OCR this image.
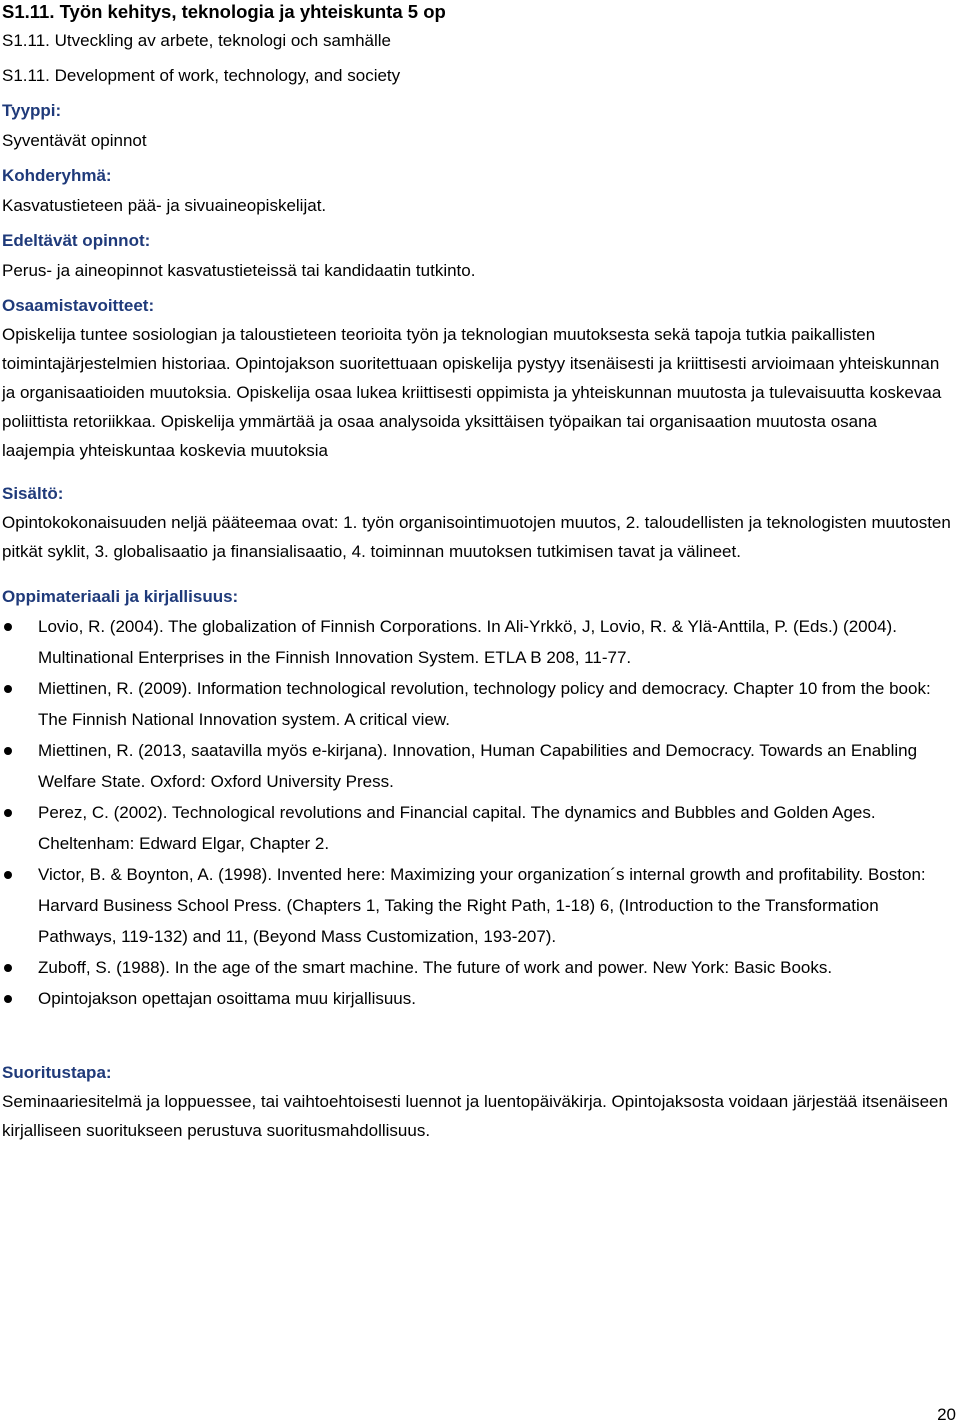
S1.11. Työn kehitys, teknologia ja yhteiskunta 5 op

S1.11. Utveckling av arbete, teknologi och samhälle

S1.11. Development of work, technology, and society

Tyyppi:

Syventävät opinnot

Kohderyhmä:

Kasvatustieteen pää- ja sivuaineopiskelijat.

Edeltävät opinnot:

Perus- ja aineopinnot kasvatustieteissä tai kandidaatin tutkinto.

Osaamistavoitteet:

Opiskelija tuntee sosiologian ja taloustieteen teorioita työn ja teknologian muutoksesta sekä tapoja tutkia paikallisten toimintajärjestelmien historiaa. Opintojakson suoritettuaan opiskelija pystyy itsenäisesti ja kriittisesti arvioimaan yhteiskunnan ja organisaatioiden muutoksia. Opiskelija osaa lukea kriittisesti oppimista ja yhteiskunnan muutosta ja tulevaisuutta koskevaa poliittista retoriikkaa. Opiskelija ymmärtää ja osaa analysoida yksittäisen työpaikan tai organisaation muutosta osana laajempia yhteiskuntaa koskevia muutoksia

Sisältö:

Opintokokonaisuuden neljä pääteemaa ovat: 1. työn organisointimuotojen muutos, 2. taloudellisten ja teknologisten muutosten pitkät syklit, 3. globalisaatio ja finansialisaatio, 4. toiminnan muutoksen tutkimisen tavat ja välineet.

Oppimateriaali ja kirjallisuus:

Lovio, R. (2004). The globalization of Finnish Corporations. In Ali-Yrkkö, J, Lovio, R. & Ylä-Anttila, P. (Eds.) (2004). Multinational Enterprises in the Finnish Innovation System. ETLA B 208, 11-77.
Miettinen, R. (2009). Information technological revolution, technology policy and democracy. Chapter 10 from the book: The Finnish National Innovation system. A critical view.
Miettinen, R. (2013, saatavilla myös e-kirjana). Innovation, Human Capabilities and Democracy. Towards an Enabling Welfare State. Oxford: Oxford University Press.
Perez, C. (2002). Technological revolutions and Financial capital. The dynamics and Bubbles and Golden Ages. Cheltenham: Edward Elgar, Chapter 2.
Victor, B. & Boynton, A. (1998). Invented here: Maximizing your organization´s internal growth and profitability. Boston: Harvard Business School Press. (Chapters 1, Taking the Right Path, 1-18) 6, (Introduction to the Transformation Pathways, 119-132) and 11, (Beyond Mass Customization, 193-207).
Zuboff, S. (1988). In the age of the smart machine. The future of work and power. New York: Basic Books.
Opintojakson opettajan osoittama muu kirjallisuus.

Suoritustapa:

Seminaariesitelmä ja loppuessee, tai vaihtoehtoisesti luennot ja luentopäiväkirja. Opintojaksosta voidaan järjestää itsenäiseen kirjalliseen suoritukseen perustuva suoritusmahdollisuus.

20
